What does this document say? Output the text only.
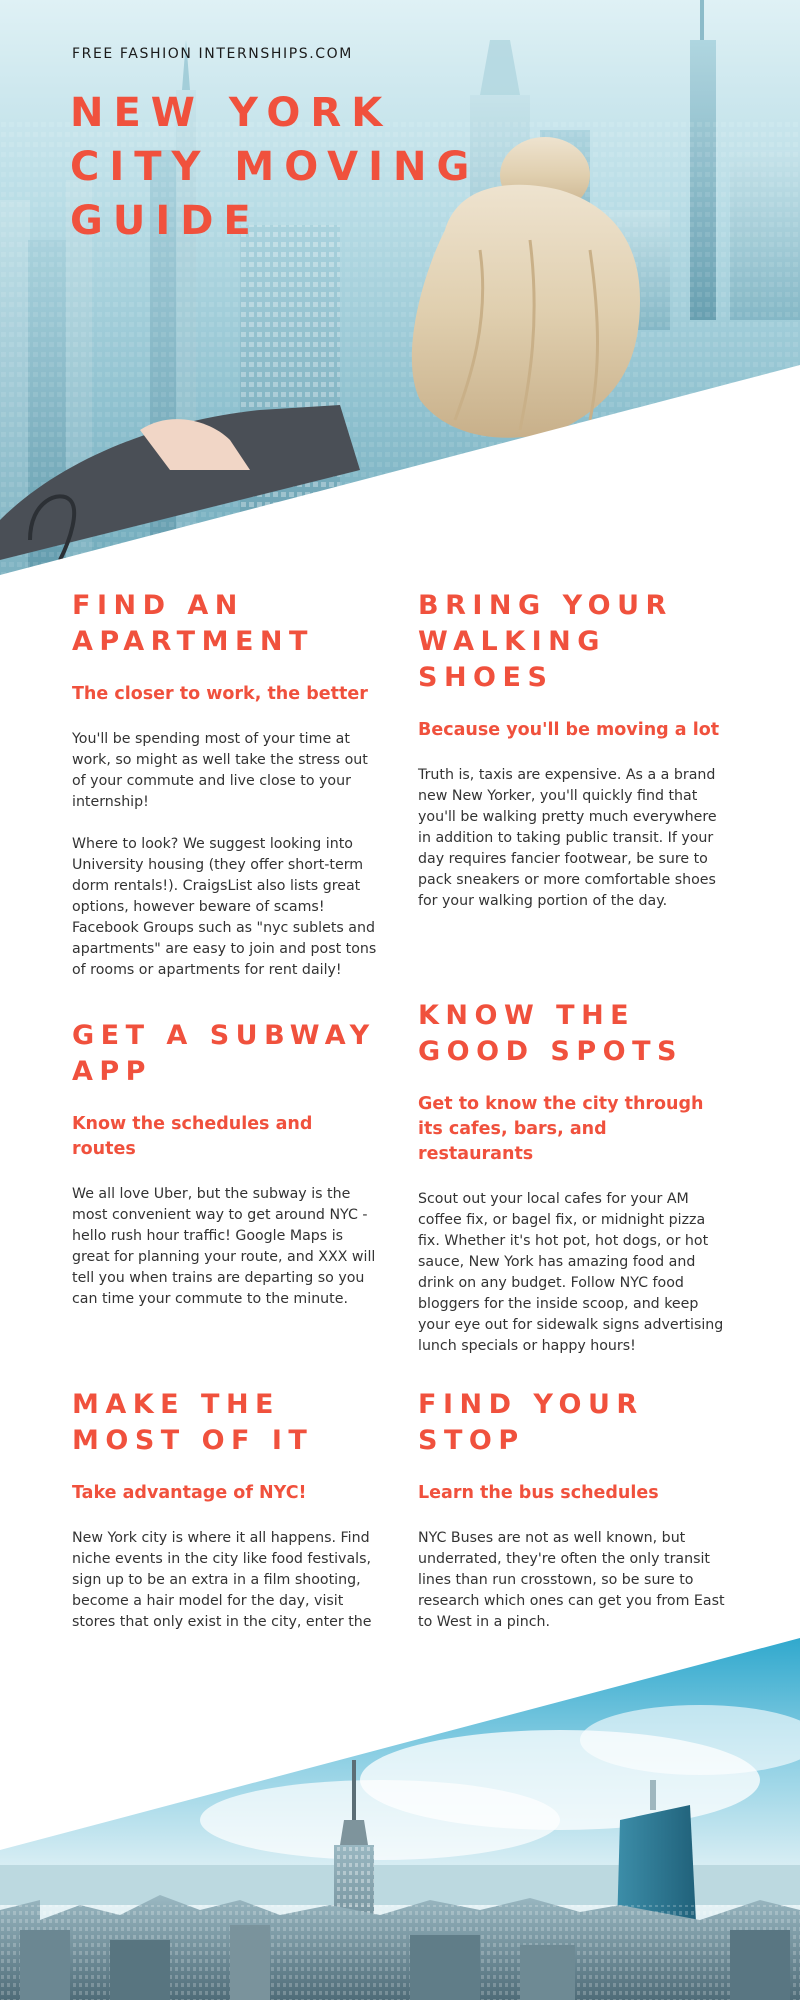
FREE FASHION INTERNSHIPS.COM

NEW YORK CITY MOVING GUIDE
FIND AN APARTMENT
The closer to work, the better

You'll be spending most of your time at work, so might as well take the stress out of your commute and live close to your internship!

Where to look? We suggest looking into University housing (they offer short-term dorm rentals!). CraigsList also lists great options, however beware of scams! Facebook Groups such as "nyc sublets and apartments" are easy to join and post tons of rooms or apartments for rent daily!

BRING YOUR WALKING SHOES
Because you'll be moving a lot

Truth is, taxis are expensive. As a a brand new New Yorker, you'll quickly find that you'll be walking pretty much everywhere in addition to taking public transit. If your day requires fancier footwear, be sure to pack sneakers or more comfortable shoes for your walking portion of the day.

GET A SUBWAY APP
Know the schedules and routes

We all love Uber, but the subway is the most convenient way to get around NYC - hello rush hour traffic! Google Maps is great for planning your route, and XXX will tell you when trains are departing so you can time your commute to the minute.

KNOW THE GOOD SPOTS
Get to know the city through its cafes, bars, and restaurants

Scout out your local cafes for your AM coffee fix, or bagel fix, or midnight pizza fix. Whether it's hot pot, hot dogs, or hot sauce, New York has amazing food and drink on any budget. Follow NYC food bloggers for the inside scoop, and keep your eye out for sidewalk signs advertising lunch specials or happy hours!

MAKE THE MOST OF IT
Take advantage of NYC!

New York city is where it all happens. Find niche events in the city like food festivals, sign up to be an extra in a film shooting, become a hair model for the day, visit stores that only exist in the city, enter the

FIND YOUR STOP
Learn the bus schedules

NYC Buses are not as well known, but underrated, they're often the only transit lines than run crosstown, so be sure to research which ones can get you from East to West in a pinch.
